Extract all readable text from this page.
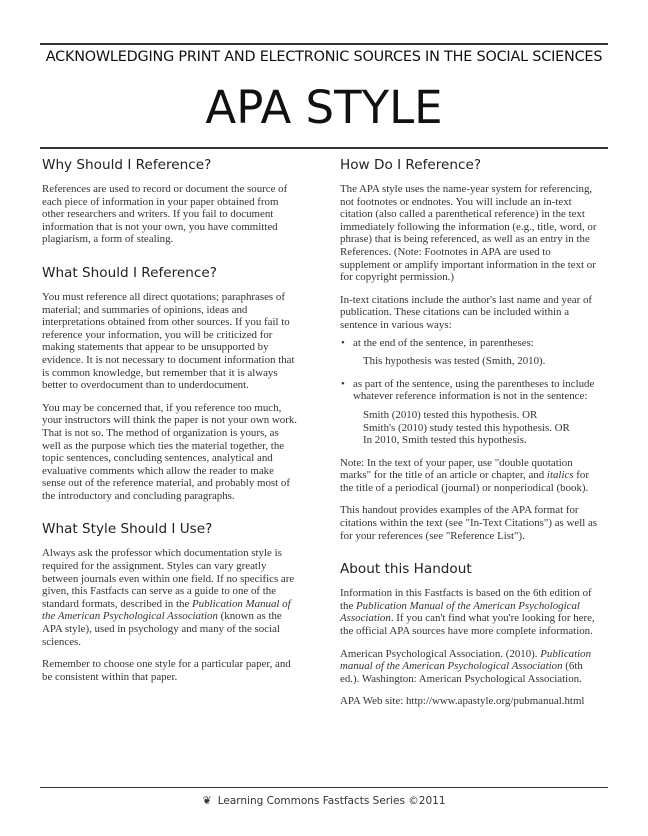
ACKNOWLEDGING PRINT AND ELECTRONIC SOURCES IN THE SOCIAL SCIENCES
APA STYLE
Why Should I Reference?

References are used to record or document the source of each piece of information in your paper obtained from other researchers and writers. If you fail to document information that is not your own, you have committed plagiarism, a form of stealing.

What Should I Reference?

You must reference all direct quotations; paraphrases of material; and summaries of opinions, ideas and interpretations obtained from other sources. If you fail to reference your information, you will be criticized for making statements that appear to be unsupported by evidence. It is not necessary to document information that is common knowledge, but remember that it is always better to overdocument than to underdocument.

You may be concerned that, if you reference too much, your instructors will think the paper is not your own work. That is not so. The method of organization is yours, as well as the purpose which ties the material together, the topic sentences, concluding sentences, analytical and evaluative comments which allow the reader to make sense out of the reference material, and probably most of the introductory and concluding paragraphs.

What Style Should I Use?

Always ask the professor which documentation style is required for the assignment. Styles can vary greatly between journals even within one field. If no specifics are given, this Fastfacts can serve as a guide to one of the standard formats, described in the Publication Manual of the American Psychological Association (known as the APA style), used in psychology and many of the social sciences.

Remember to choose one style for a particular paper, and be consistent within that paper.

How Do I Reference?

The APA style uses the name-year system for referencing, not footnotes or endnotes. You will include an in-text citation (also called a parenthetical reference) in the text immediately following the information (e.g., title, word, or phrase) that is being referenced, as well as an entry in the References. (Note: Footnotes in APA are used to supplement or amplify important information in the text or for copyright permission.)

In-text citations include the author's last name and year of publication. These citations can be included within a sentence in various ways:

• at the end of the sentence, in parentheses:
This hypothesis was tested (Smith, 2010).
• as part of the sentence, using the parentheses to include whatever reference information is not in the sentence:
Smith (2010) tested this hypothesis. OR
Smith's (2010) study tested this hypothesis. OR
In 2010, Smith tested this hypothesis.

Note: In the text of your paper, use "double quotation marks" for the title of an article or chapter, and italics for the title of a periodical (journal) or nonperiodical (book).

This handout provides examples of the APA format for citations within the text (see "In-Text Citations") as well as for your references (see "Reference List").

About this Handout

Information in this Fastfacts is based on the 6th edition of the Publication Manual of the American Psychological Association. If you can't find what you're looking for here, the official APA sources have more complete information.

American Psychological Association. (2010). Publication manual of the American Psychological Association (6th ed.). Washington: American Psychological Association.

APA Web site: http://www.apastyle.org/pubmanual.html

❦ Learning Commons Fastfacts Series ©2011
